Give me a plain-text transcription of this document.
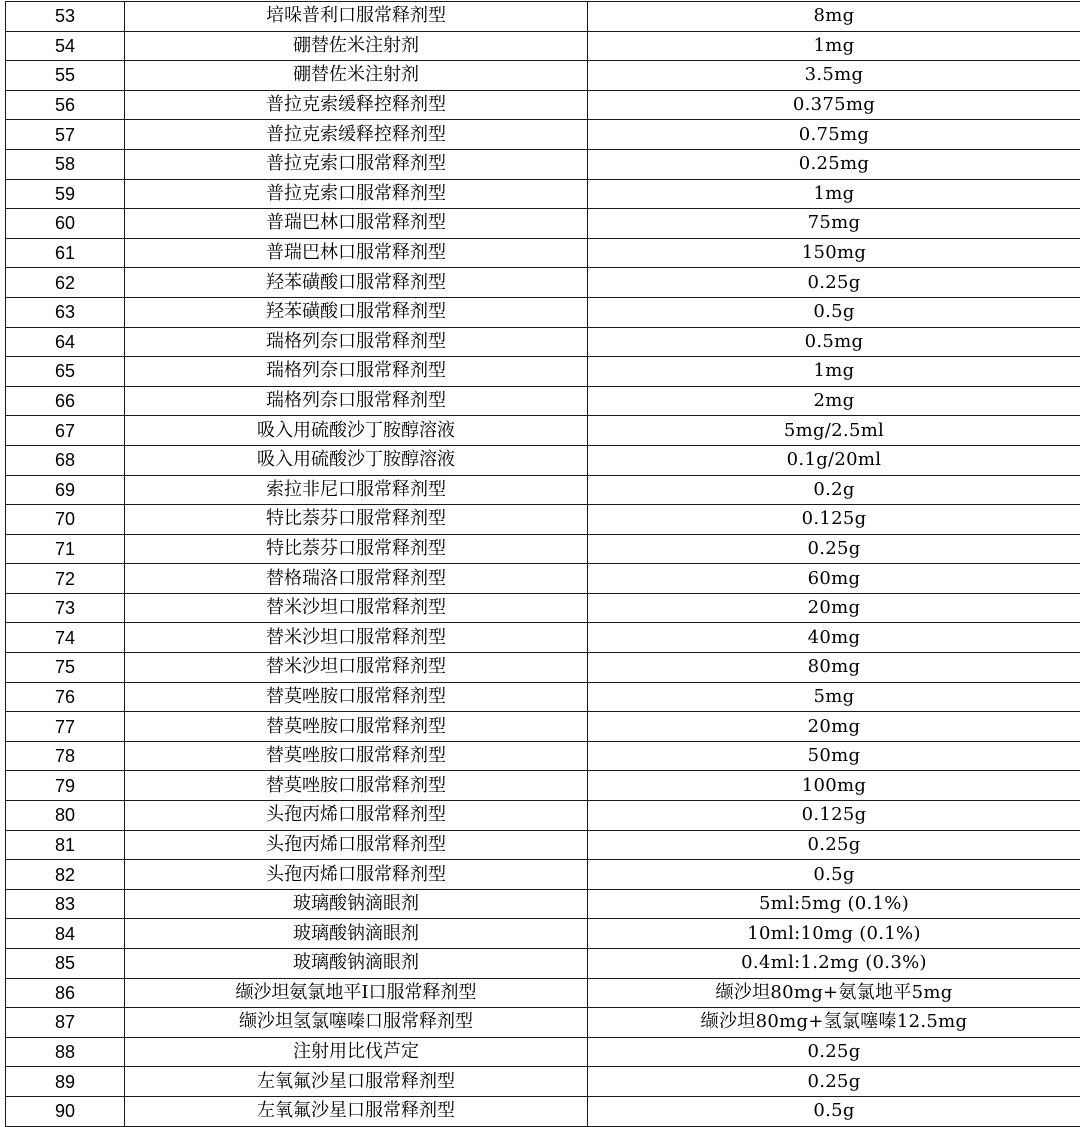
53	培哚普利口服常释剂型	8mg
54	硼替佐米注射剂	1mg
55	硼替佐米注射剂	3.5mg
56	普拉克索缓释控释剂型	0.375mg
57	普拉克索缓释控释剂型	0.75mg
58	普拉克索口服常释剂型	0.25mg
59	普拉克索口服常释剂型	1mg
60	普瑞巴林口服常释剂型	75mg
61	普瑞巴林口服常释剂型	150mg
62	羟苯磺酸口服常释剂型	0.25g
63	羟苯磺酸口服常释剂型	0.5g
64	瑞格列奈口服常释剂型	0.5mg
65	瑞格列奈口服常释剂型	1mg
66	瑞格列奈口服常释剂型	2mg
67	吸入用硫酸沙丁胺醇溶液	5mg/2.5ml
68	吸入用硫酸沙丁胺醇溶液	0.1g/20ml
69	索拉非尼口服常释剂型	0.2g
70	特比萘芬口服常释剂型	0.125g
71	特比萘芬口服常释剂型	0.25g
72	替格瑞洛口服常释剂型	60mg
73	替米沙坦口服常释剂型	20mg
74	替米沙坦口服常释剂型	40mg
75	替米沙坦口服常释剂型	80mg
76	替莫唑胺口服常释剂型	5mg
77	替莫唑胺口服常释剂型	20mg
78	替莫唑胺口服常释剂型	50mg
79	替莫唑胺口服常释剂型	100mg
80	头孢丙烯口服常释剂型	0.125g
81	头孢丙烯口服常释剂型	0.25g
82	头孢丙烯口服常释剂型	0.5g
83	玻璃酸钠滴眼剂	5ml:5mg (0.1%)
84	玻璃酸钠滴眼剂	10ml:10mg (0.1%)
85	玻璃酸钠滴眼剂	0.4ml:1.2mg (0.3%)
86	缬沙坦氨氯地平Ⅰ口服常释剂型	缬沙坦80mg+氨氯地平5mg
87	缬沙坦氢氯噻嗪口服常释剂型	缬沙坦80mg+氢氯噻嗪12.5mg
88	注射用比伐芦定	0.25g
89	左氧氟沙星口服常释剂型	0.25g
90	左氧氟沙星口服常释剂型	0.5g
